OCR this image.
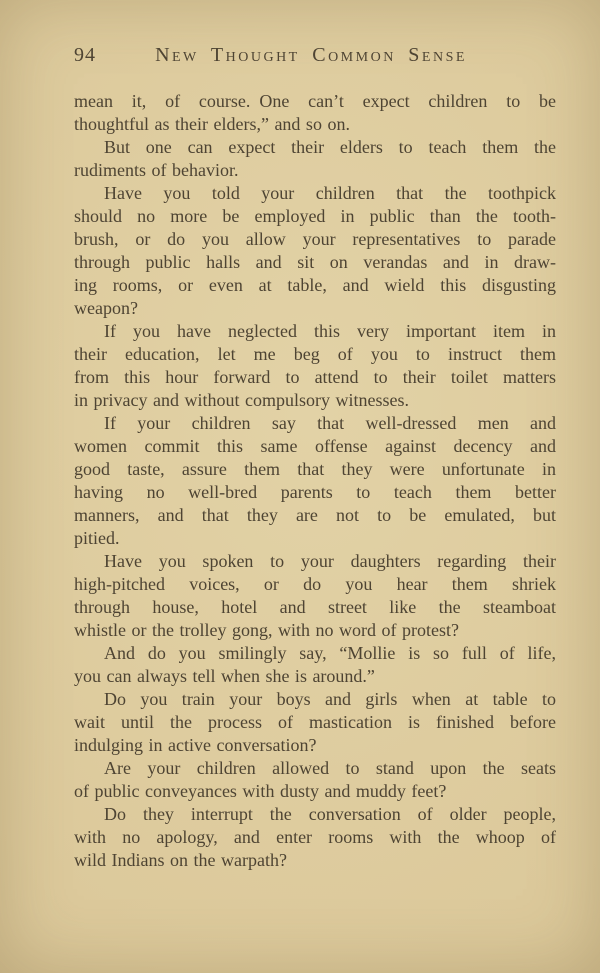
94	New Thought Common Sense

mean it, of course. One can’t expect children to be
thoughtful as their elders,” and so on.

But one can expect their elders to teach them the
rudiments of behavior.

Have you told your children that the toothpick
should no more be employed in public than the tooth-
brush, or do you allow your representatives to parade
through public halls and sit on verandas and in draw-
ing rooms, or even at table, and wield this disgusting
weapon?

If you have neglected this very important item in
their education, let me beg of you to instruct them
from this hour forward to attend to their toilet matters
in privacy and without compulsory witnesses.

If your children say that well-dressed men and
women commit this same offense against decency and
good taste, assure them that they were unfortunate in
having no well-bred parents to teach them better
manners, and that they are not to be emulated, but
pitied.

Have you spoken to your daughters regarding their
high-pitched voices, or do you hear them shriek
through house, hotel and street like the steamboat
whistle or the trolley gong, with no word of protest?

And do you smilingly say, “Mollie is so full of life,
you can always tell when she is around.”

Do you train your boys and girls when at table to
wait until the process of mastication is finished before
indulging in active conversation?

Are your children allowed to stand upon the seats
of public conveyances with dusty and muddy feet?

Do they interrupt the conversation of older people,
with no apology, and enter rooms with the whoop of
wild Indians on the warpath?
